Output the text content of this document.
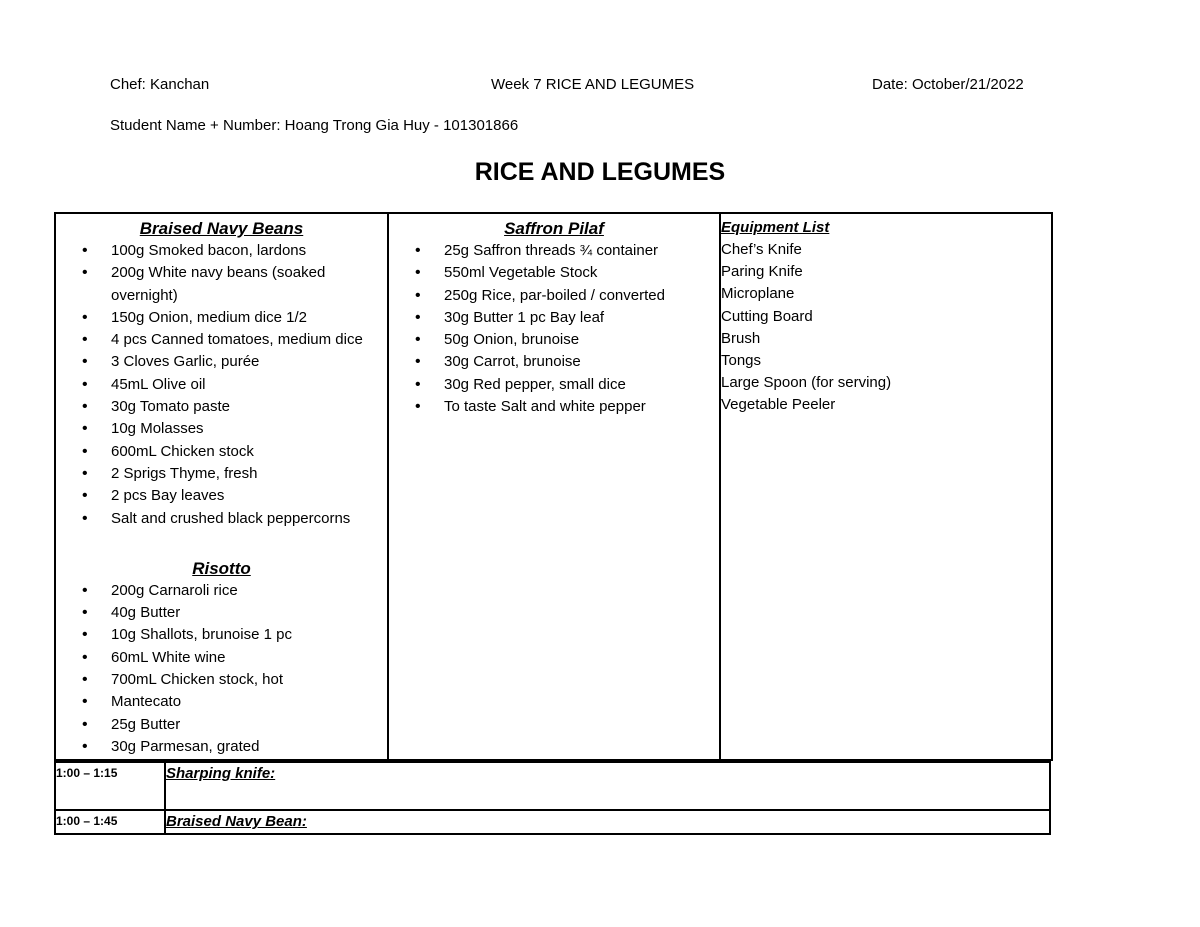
Chef: Kanchan	Week 7 RICE AND LEGUMES	Date: October/21/2022
Student Name + Number: Hoang Trong Gia Huy - 101301866
RICE AND LEGUMES
Braised Navy Beans
• 100g Smoked bacon, lardons
• 200g White navy beans (soaked overnight)
• 150g Onion, medium dice 1/2
• 4 pcs Canned tomatoes, medium dice
• 3 Cloves Garlic, purée
• 45mL Olive oil
• 30g Tomato paste
• 10g Molasses
• 600mL Chicken stock
• 2 Sprigs Thyme, fresh
• 2 pcs Bay leaves
• Salt and crushed black peppercorns
Risotto
• 200g Carnaroli rice
• 40g Butter
• 10g Shallots, brunoise 1 pc
• 60mL White wine
• 700mL Chicken stock, hot
• Mantecato
• 25g Butter
• 30g Parmesan, grated
Saffron Pilaf
• 25g Saffron threads ¾ container
• 550ml Vegetable Stock
• 250g Rice, par-boiled / converted
• 30g Butter 1 pc Bay leaf
• 50g Onion, brunoise
• 30g Carrot, brunoise
• 30g Red pepper, small dice
• To taste Salt and white pepper
Equipment List
Chef’s Knife
Paring Knife
Microplane
Cutting Board
Brush
Tongs
Large Spoon (for serving)
Vegetable Peeler
1:00 – 1:15	Sharping knife:
1:00 – 1:45	Braised Navy Bean:
